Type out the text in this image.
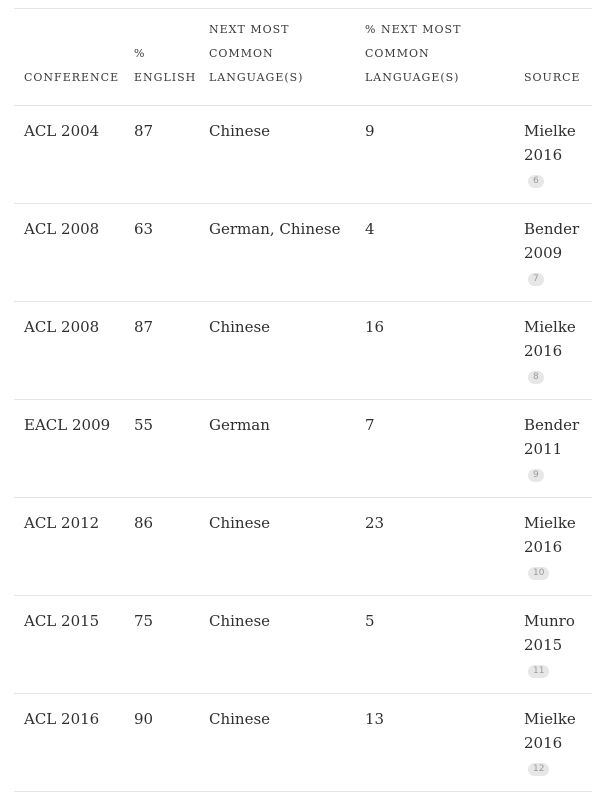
CONFERENCE	% ENGLISH	NEXT MOST COMMON LANGUAGE(S)	% NEXT MOST COMMON LANGUAGE(S)	SOURCE
ACL 2004	87	Chinese	9	Mielke 2016 6
ACL 2008	63	German, Chinese	4	Bender 2009 7
ACL 2008	87	Chinese	16	Mielke 2016 8
EACL 2009	55	German	7	Bender 2011 9
ACL 2012	86	Chinese	23	Mielke 2016 10
ACL 2015	75	Chinese	5	Munro 2015 11
ACL 2016	90	Chinese	13	Mielke 2016 12
